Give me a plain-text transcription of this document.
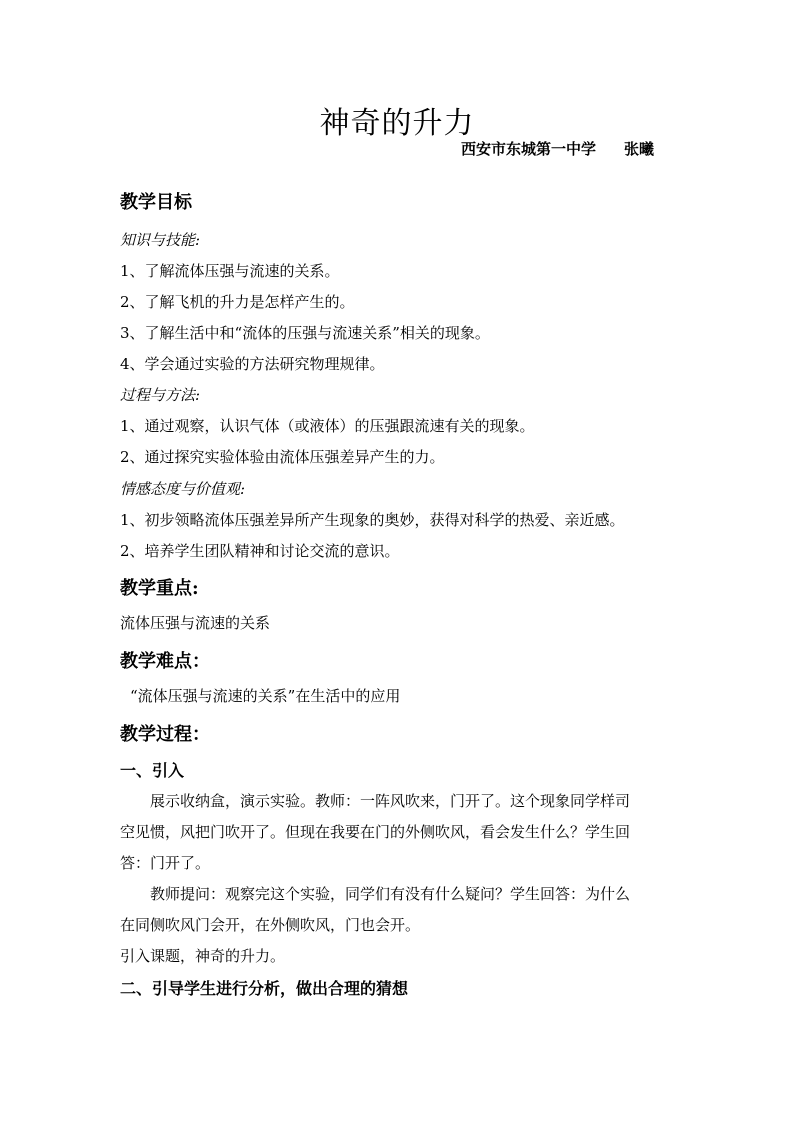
神奇的升力

西安市东城第一中学 张曦

教学目标

知识与技能:

1、了解流体压强与流速的关系。

2、了解飞机的升力是怎样产生的。

3、了解生活中和“流体的压强与流速关系”相关的现象。

4、学会通过实验的方法研究物理规律。

过程与方法:

1、通过观察，认识气体（或液体）的压强跟流速有关的现象。

2、通过探究实验体验由流体压强差异产生的力。

情感态度与价值观:

1、初步领略流体压强差异所产生现象的奥妙，获得对科学的热爱、亲近感。

2、培养学生团队精神和讨论交流的意识。

教学重点:

流体压强与流速的关系

教学难点：

“流体压强与流速的关系”在生活中的应用

教学过程：

一、引入

展示收纳盒，演示实验。教师：一阵风吹来，门开了。这个现象同学样司

空见惯，风把门吹开了。但现在我要在门的外侧吹风，看会发生什么？学生回

答：门开了。

教师提问：观察完这个实验，同学们有没有什么疑问？学生回答：为什么

在同侧吹风门会开，在外侧吹风，门也会开。

引入课题，神奇的升力。

二、引导学生进行分析，做出合理的猜想
